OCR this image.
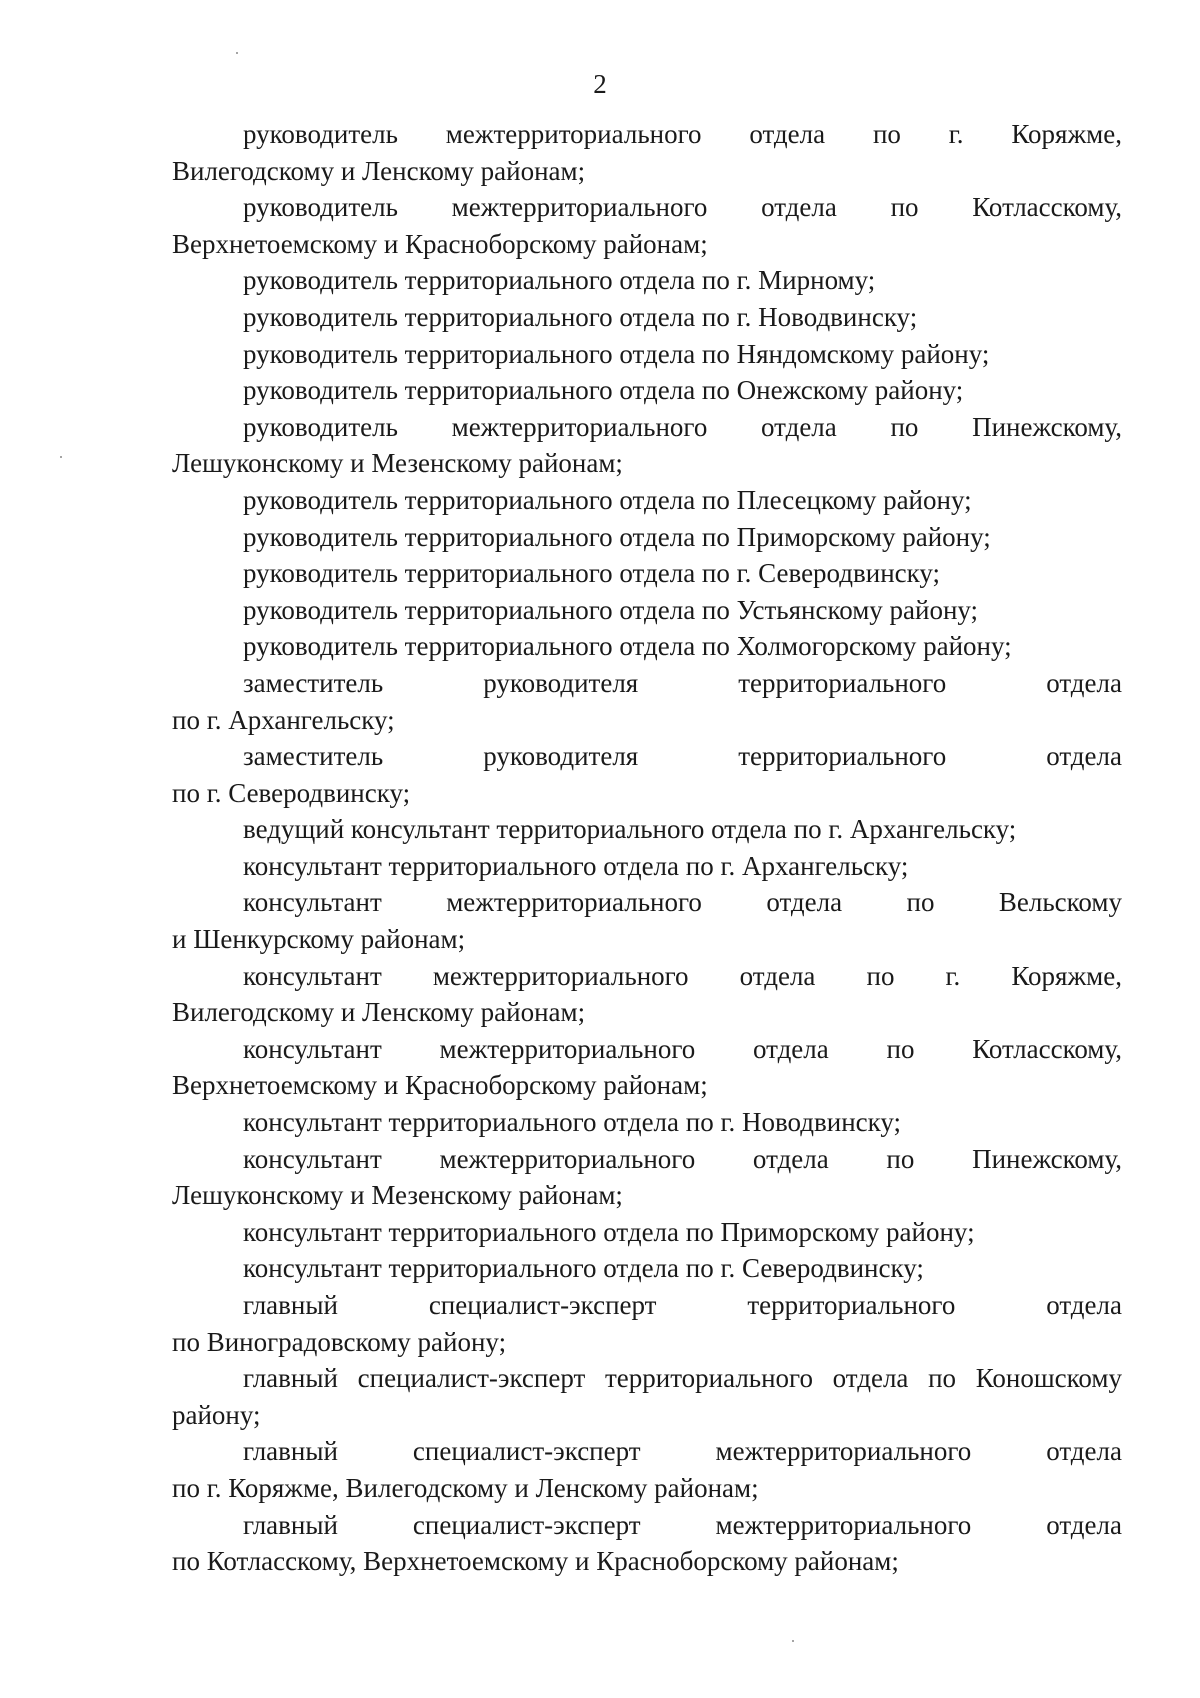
2
руководитель межтерриториального отдела по г. Коряжме,
Вилегодскому и Ленскому районам;
руководитель межтерриториального отдела по Котласскому,
Верхнетоемскому и Красноборскому районам;
руководитель территориального отдела по г. Мирному;
руководитель территориального отдела по г. Новодвинску;
руководитель территориального отдела по Няндомскому району;
руководитель территориального отдела по Онежскому району;
руководитель межтерриториального отдела по Пинежскому,
Лешуконскому и Мезенскому районам;
руководитель территориального отдела по Плесецкому району;
руководитель территориального отдела по Приморскому району;
руководитель территориального отдела по г. Северодвинску;
руководитель территориального отдела по Устьянскому району;
руководитель территориального отдела по Холмогорскому району;
заместитель	руководителя	территориального	отдела
по г. Архангельску;
заместитель	руководителя	территориального	отдела
по г. Северодвинску;
ведущий консультант территориального отдела по г. Архангельску;
консультант территориального отдела по г. Архангельску;
консультант межтерриториального отдела по Вельскому
и Шенкурскому районам;
консультант межтерриториального отдела по г. Коряжме,
Вилегодскому и Ленскому районам;
консультант межтерриториального отдела по Котласскому,
Верхнетоемскому и Красноборскому районам;
консультант территориального отдела по г. Новодвинску;
консультант межтерриториального отдела по Пинежскому,
Лешуконскому и Мезенскому районам;
консультант территориального отдела по Приморскому району;
консультант территориального отдела по г. Северодвинску;
главный	специалист-эксперт	территориального	отдела
по Виноградовскому району;
главный специалист-эксперт территориального отдела по Коношскому
району;
главный	специалист-эксперт	межтерриториального	отдела
по г. Коряжме, Вилегодскому и Ленскому районам;
главный	специалист-эксперт	межтерриториального	отдела
по Котласскому, Верхнетоемскому и Красноборскому районам;
